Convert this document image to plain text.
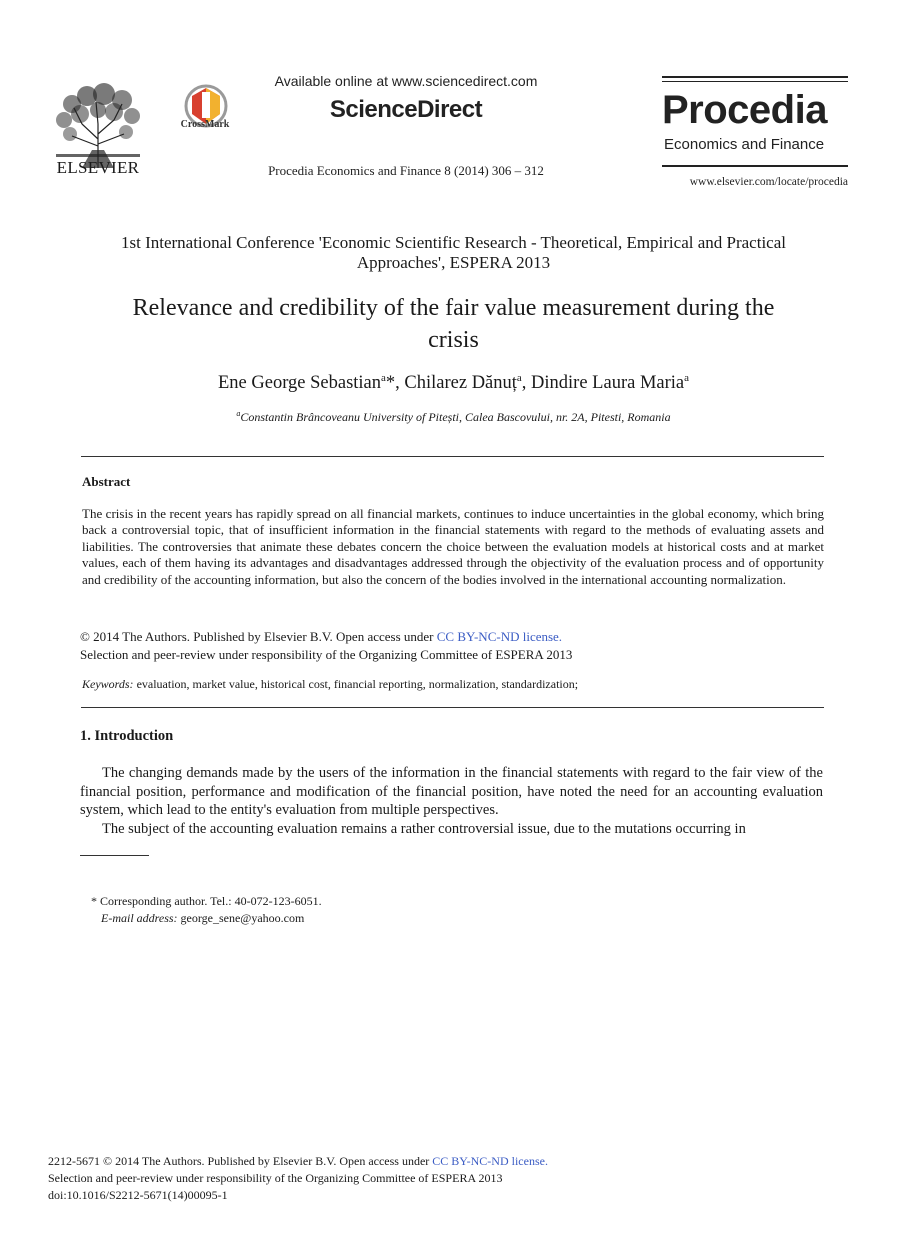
ELSEVIER
CrossMark
Available online at www.sciencedirect.com
ScienceDirect
Procedia Economics and Finance 8 (2014) 306 – 312
Procedia
Economics and Finance
www.elsevier.com/locate/procedia
1st International Conference 'Economic Scientific Research - Theoretical, Empirical and Practical
Approaches', ESPERA 2013
Relevance and credibility of the fair value measurement during the
crisis
Ene George Sebastian$^a$*, Chilarez Dănuț$^a$, Dindire Laura Maria$^a$
$^a$Constantin Brâncoveanu University of Pitești, Calea Bascovului, nr. 2A, Pitesti, Romania
Abstract
The crisis in the recent years has rapidly spread on all financial markets, continues to induce uncertainties in the global economy, which bring back a controversial topic, that of insufficient information in the financial statements with regard to the methods of evaluating assets and liabilities. The controversies that animate these debates concern the choice between the evaluation models at historical costs and at market values, each of them having its advantages and disadvantages addressed through the objectivity of the evaluation process and of opportunity and credibility of the accounting information, but also the concern of the bodies involved in the international accounting normalization.
© 2014 The Authors. Published by Elsevier B.V. Open access under CC BY-NC-ND license.
Selection and peer-review under responsibility of the Organizing Committee of ESPERA 2013
Keywords: evaluation, market value, historical cost, financial reporting, normalization, standardization;
1. Introduction
The changing demands made by the users of the information in the financial statements with regard to the fair view of the financial position, performance and modification of the financial position, have noted the need for an accounting evaluation system, which lead to the entity's evaluation from multiple perspectives.
The subject of the accounting evaluation remains a rather controversial issue, due to the mutations occurring in
* Corresponding author. Tel.: 40-072-123-6051.
E-mail address: george_sene@yahoo.com
2212-5671 © 2014 The Authors. Published by Elsevier B.V. Open access under CC BY-NC-ND license.
Selection and peer-review under responsibility of the Organizing Committee of ESPERA 2013
doi:10.1016/S2212-5671(14)00095-1
